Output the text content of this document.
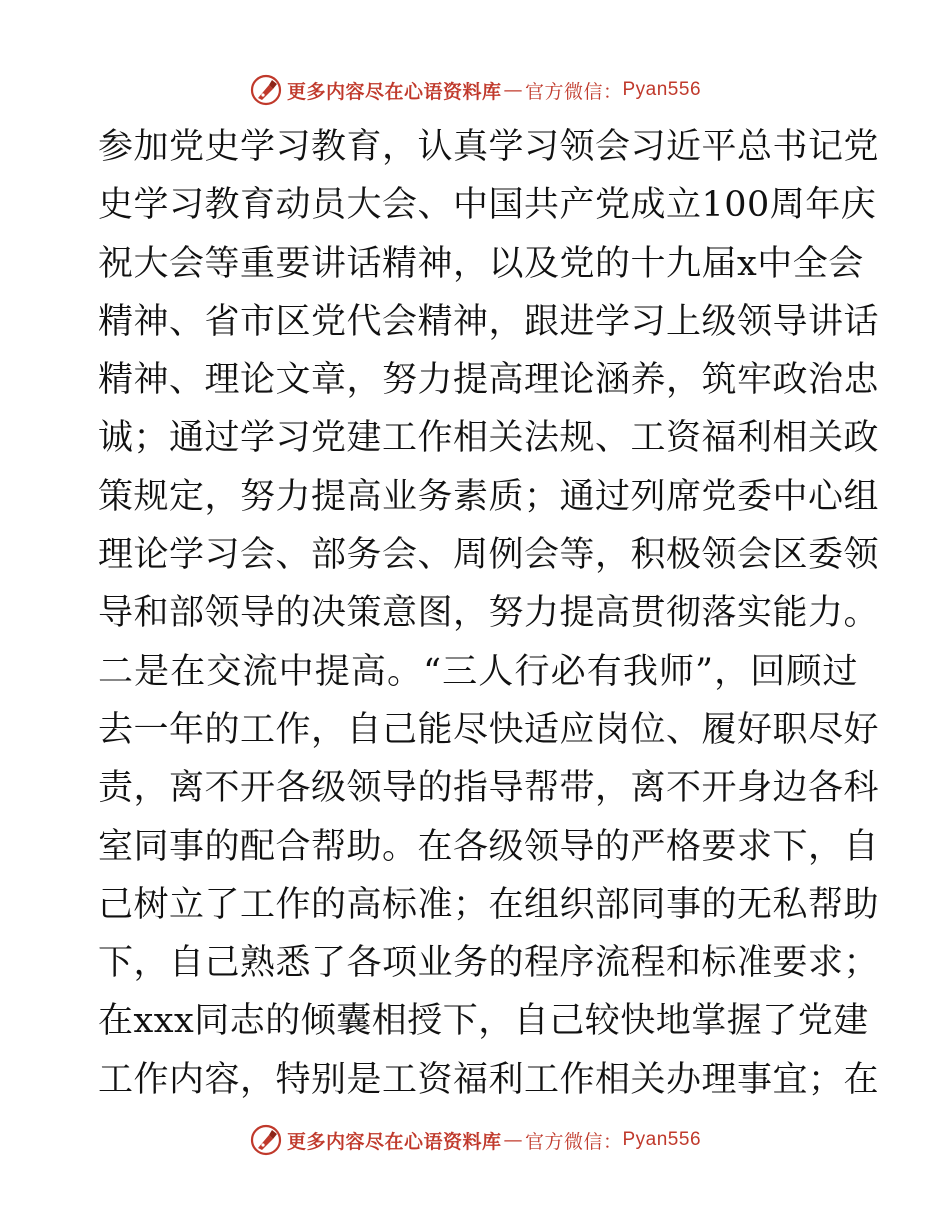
更多内容尽在心语资料库 — 官方微信： Pyan556
参加党史学习教育，认真学习领会习近平总书记党
史学习教育动员大会、中国共产党成立100周年庆
祝大会等重要讲话精神，以及党的十九届x中全会
精神、省市区党代会精神，跟进学习上级领导讲话
精神、理论文章，努力提高理论涵养，筑牢政治忠
诚；通过学习党建工作相关法规、工资福利相关政
策规定，努力提高业务素质；通过列席党委中心组
理论学习会、部务会、周例会等，积极领会区委领
导和部领导的决策意图，努力提高贯彻落实能力。
二是在交流中提高。“三人行必有我师”，回顾过
去一年的工作，自己能尽快适应岗位、履好职尽好
责，离不开各级领导的指导帮带，离不开身边各科
室同事的配合帮助。在各级领导的严格要求下，自
己树立了工作的高标准；在组织部同事的无私帮助
下，自己熟悉了各项业务的程序流程和标准要求；
在xxx同志的倾囊相授下，自己较快地掌握了党建
工作内容，特别是工资福利工作相关办理事宜；在
更多内容尽在心语资料库 — 官方微信： Pyan556
